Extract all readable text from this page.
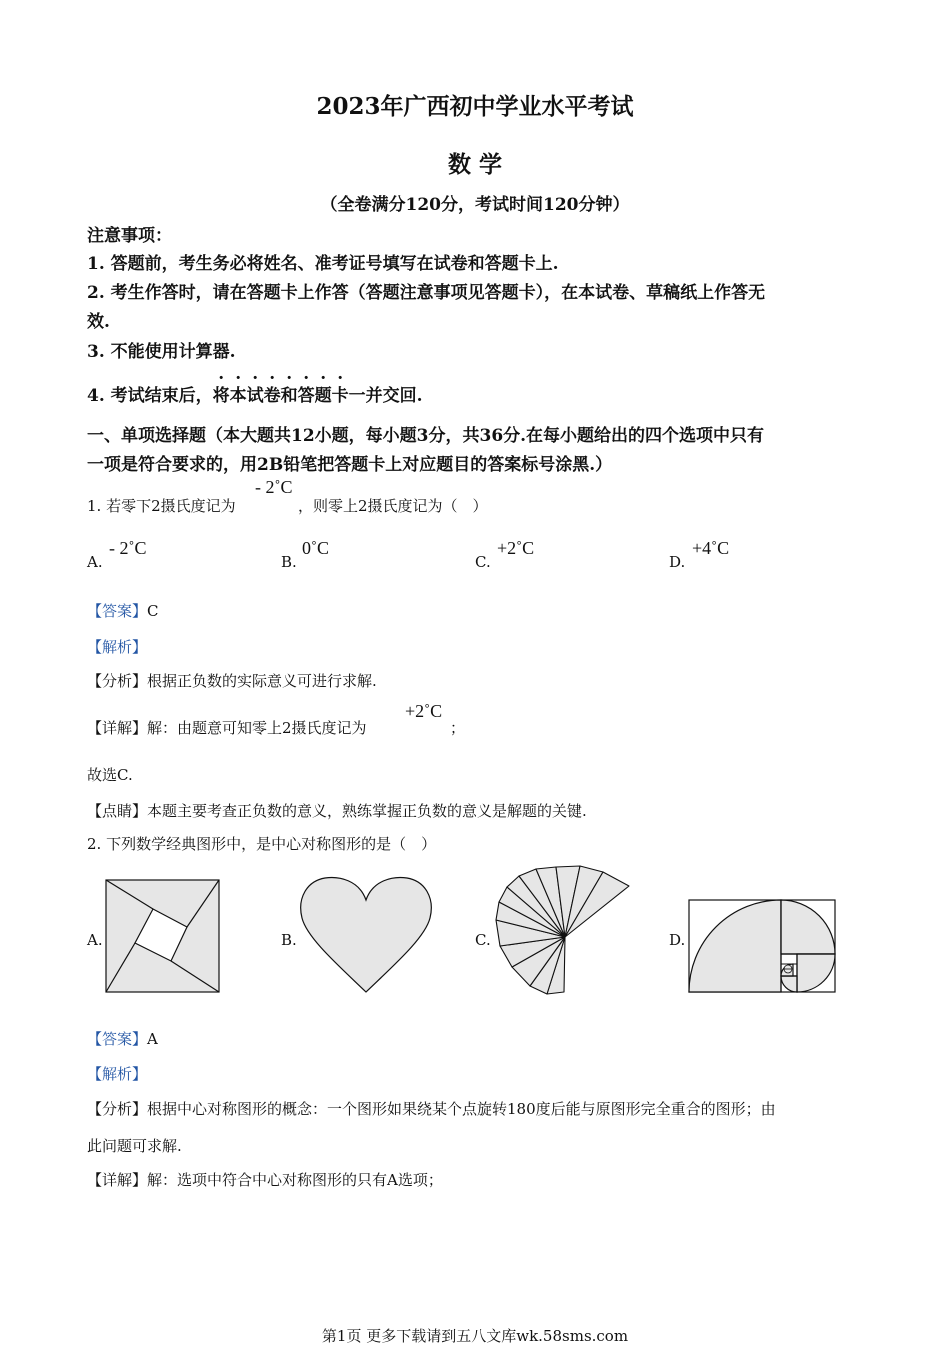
2023年广西初中学业水平考试
数 学
（全卷满分120分，考试时间120分钟）
注意事项：
1. 答题前，考生务必将姓名、准考证号填写在试卷和答题卡上.
2. 考生作答时，请在答题卡上作答（答题注意事项见答题卡），在本试卷、草稿纸上作答无
效.
3. 不能使用计算器.
4. 考试结束后，将本试卷和答题卡一并交回.
一、单项选择题（本大题共12小题，每小题3分，共36分.在每小题给出的四个选项中只有
一项是符合要求的，用2B铅笔把答题卡上对应题目的答案标号涂黑.）
1. 若零下2摄氏度记为
- 2˚C
，则零上2摄氏度记为（　）
A.
- 2˚C
B.
0˚C
C.
+2˚C
D.
+4˚C
【答案】C
【解析】
【分析】根据正负数的实际意义可进行求解.
【详解】解：由题意可知零上2摄氏度记为
+2˚C
；
故选C.
【点睛】本题主要考查正负数的意义，熟练掌握正负数的意义是解题的关键.
2. 下列数学经典图形中，是中心对称图形的是（　）
A.	B.	C.	D.
【答案】A
【解析】
【分析】根据中心对称图形的概念：一个图形如果绕某个点旋转180度后能与原图形完全重合的图形；由
此问题可求解.
【详解】解：选项中符合中心对称图形的只有A选项；
第1页 更多下载请到五八文库wk.58sms.com
